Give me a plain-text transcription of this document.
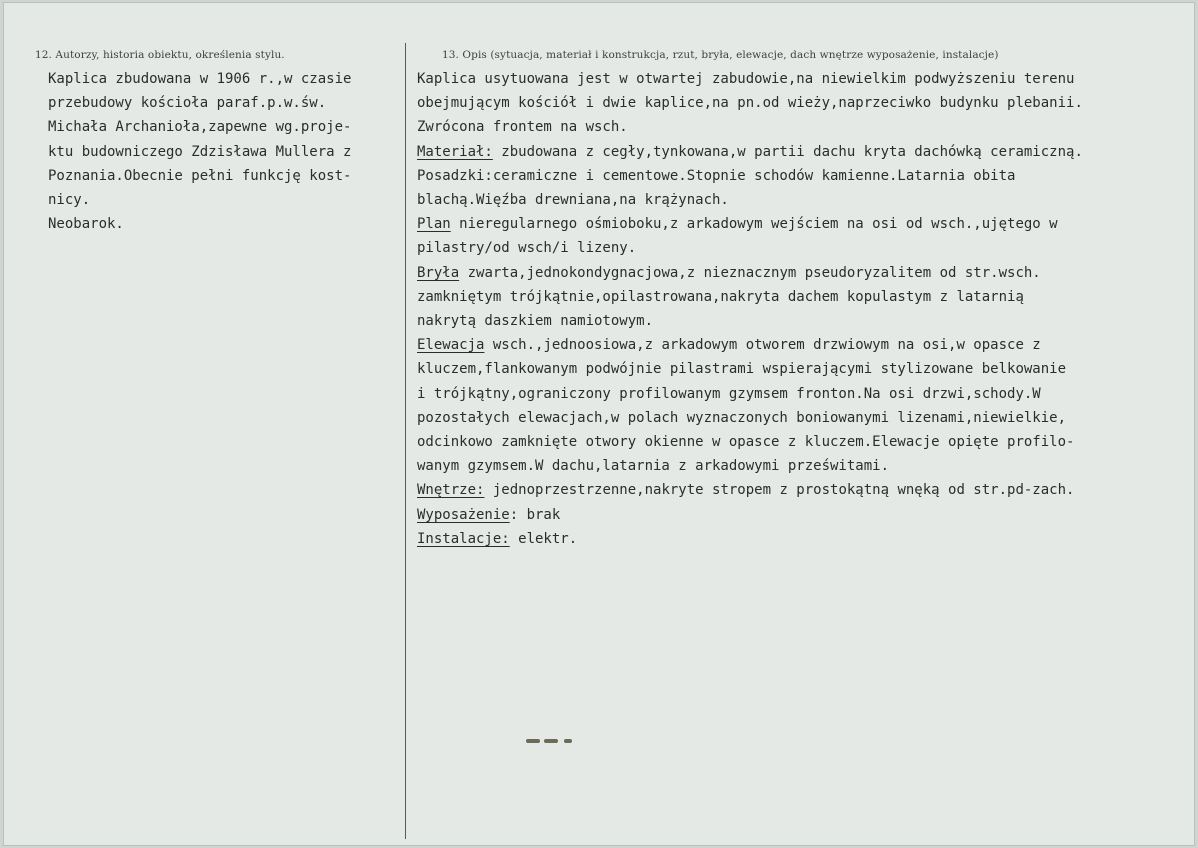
12. Autorzy, historia obiektu, określenia stylu.	13. Opis (sytuacja, materiał i konstrukcja, rzut, bryła, elewacje, dach wnętrze wyposażenie, instalacje)
Kaplica zbudowana w 1906 r.,w czasie
przebudowy kościoła paraf.p.w.św.
Michała Archanioła,zapewne wg.proje-
ktu budowniczego Zdzisława Mullera z
Poznania.Obecnie pełni funkcję kost-
nicy.
Neobarok.
Kaplica usytuowana jest w otwartej zabudowie,na niewielkim podwyższeniu terenu
obejmującym kościół i dwie kaplice,na pn.od wieży,naprzeciwko budynku plebanii.
Zwrócona frontem na wsch.
Materiał: zbudowana z cegły,tynkowana,w partii dachu kryta dachówką ceramiczną.
Posadzki:ceramiczne i cementowe.Stopnie schodów kamienne.Latarnia obita
blachą.Więźba drewniana,na krążynach.
Plan nieregularnego ośmioboku,z arkadowym wejściem na osi od wsch.,ujętego w
pilastry/od wsch/i lizeny.
Bryła zwarta,jednokondygnacjowa,z nieznacznym pseudoryzalitem od str.wsch.
zamkniętym trójkątnie,opilastrowana,nakryta dachem kopulastym z latarnią
nakrytą daszkiem namiotowym.
Elewacja wsch.,jednoosiowa,z arkadowym otworem drzwiowym na osi,w opasce z
kluczem,flankowanym podwójnie pilastrami wspierającymi stylizowane belkowanie
i trójkątny,ograniczony profilowanym gzymsem fronton.Na osi drzwi,schody.W
pozostałych elewacjach,w polach wyznaczonych boniowanymi lizenami,niewielkie,
odcinkowo zamknięte otwory okienne w opasce z kluczem.Elewacje opięte profilo-
wanym gzymsem.W dachu,latarnia z arkadowymi prześwitami.
Wnętrze: jednoprzestrzenne,nakryte stropem z prostokątną wnęką od str.pd-zach.
Wyposażenie: brak
Instalacje: elektr.
